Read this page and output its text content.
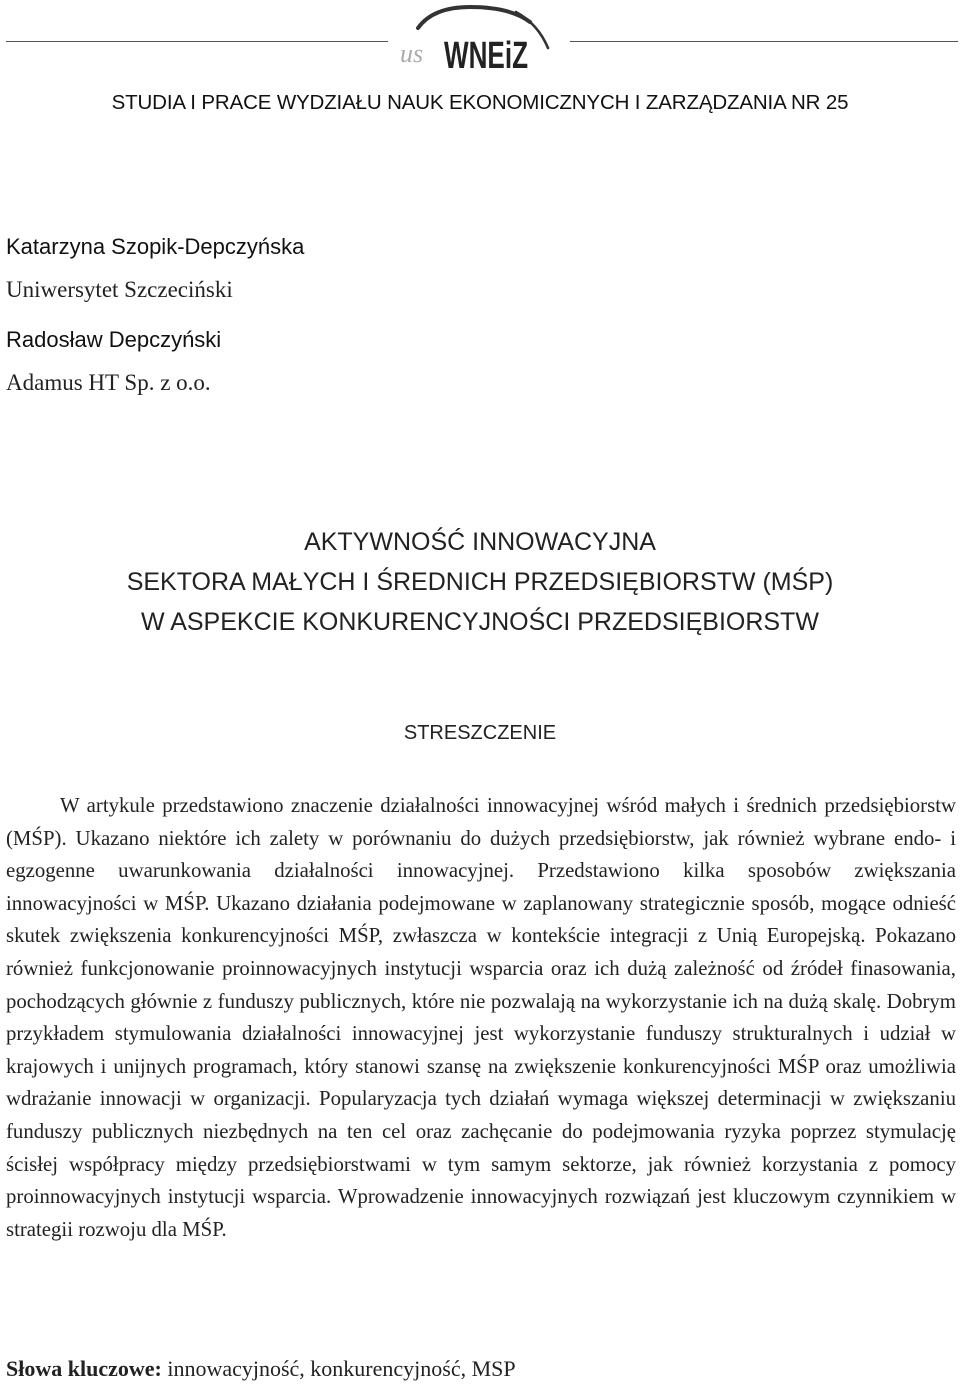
us WNEiZ
STUDIA I PRACE WYDZIAŁU NAUK EKONOMICZNYCH I ZARZĄDZANIA NR 25
Katarzyna Szopik-Depczyńska
Uniwersytet Szczeciński
Radosław Depczyński
Adamus HT Sp. z o.o.
AKTYWNOŚĆ INNOWACYJNA
SEKTORA MAŁYCH I ŚREDNICH PRZEDSIĘBIORSTW (MŚP)
W ASPEKCIE KONKURENCYJNOŚCI PRZEDSIĘBIORSTW
STRESZCZENIE

W artykule przedstawiono znaczenie działalności innowacyjnej wśród małych i średnich przedsiębiorstw (MŚP). Ukazano niektóre ich zalety w porównaniu do dużych przedsiębiorstw, jak również wybrane endo- i egzogenne uwarunkowania działalności innowacyjnej. Przedstawiono kilka sposobów zwiększania innowacyjności w MŚP. Ukazano działania podejmowane w zaplanowany strategicznie sposób, mogące odnieść skutek zwiększenia konkurencyjności MŚP, zwłaszcza w kontekście integracji z Unią Europejską. Pokazano również funkcjonowanie proinnowacyjnych instytucji wsparcia oraz ich dużą zależność od źródeł finasowania, pochodzących głównie z funduszy publicznych, które nie pozwalają na wykorzystanie ich na dużą skalę. Dobrym przykładem stymulowania działalności innowacyjnej jest wykorzystanie funduszy strukturalnych i udział w krajowych i unijnych programach, który stanowi szansę na zwiększenie konkurencyjności MŚP oraz umożliwia wdrażanie innowacji w organizacji. Popularyzacja tych działań wymaga większej determinacji w zwiększaniu funduszy publicznych niezbędnych na ten cel oraz zachęcanie do podejmowania ryzyka poprzez stymulację ścisłej współpracy między przedsiębiorstwami w tym samym sektorze, jak również korzystania z pomocy proinnowacyjnych instytucji wsparcia. Wprowadzenie innowacyjnych rozwiązań jest kluczowym czynnikiem w strategii rozwoju dla MŚP.

Słowa kluczowe: innowacyjność, konkurencyjność, MSP
